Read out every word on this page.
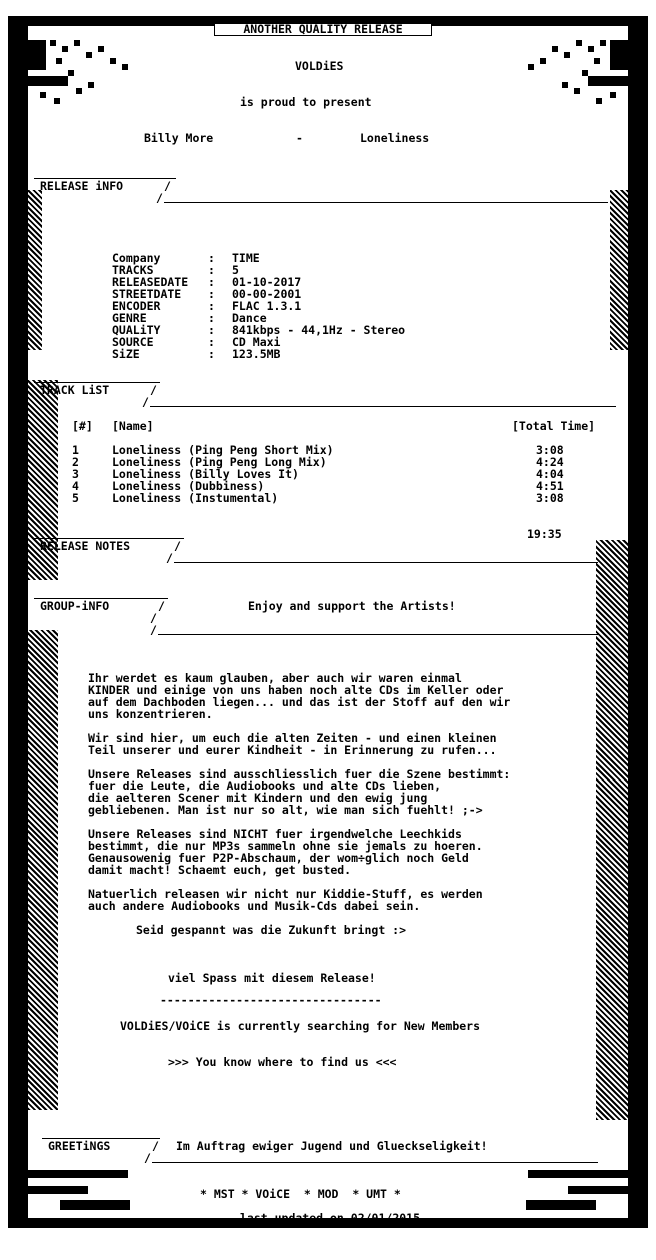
ANOTHER QUALITY RELEASE
VOLDiES
is proud to present
Billy More	-	Loneliness
RELEASE iNFO	/
/
Company	: TIME
TRACKS	: 5
RELEASEDATE : 01-10-2017
STREETDATE : 00-00-2001
ENCODER	: FLAC 1.3.1
GENRE	: Dance
QUALiTY	: 841kbps - 44,1Hz - Stereo
SOURCE	: CD Maxi
SiZE	: 123.5MB
TRACK LiST	/
/
[#] [Name]	[Total Time]
1	Loneliness (Ping Peng Short Mix)	3:08
2	Loneliness (Ping Peng Long Mix)	4:24
3	Loneliness (Billy Loves It)	4:04
4	Loneliness (Dubbiness)	4:51
5	Loneliness (Instumental)	3:08
19:35
RELEASE NOTES	/
/
GROUP-iNFO	/
/
/
Enjoy and support the Artists!
Ihr werdet es kaum glauben, aber auch wir waren einmal
KINDER und einige von uns haben noch alte CDs im Keller oder
auf dem Dachboden liegen... und das ist der Stoff auf den wir
uns konzentrieren.
Wir sind hier, um euch die alten Zeiten - und einen kleinen
Teil unserer und eurer Kindheit - in Erinnerung zu rufen...
Unsere Releases sind ausschliesslich fuer die Szene bestimmt:
fuer die Leute, die Audiobooks und alte CDs lieben,
die aelteren Scener mit Kindern und den ewig jung
gebliebenen. Man ist nur so alt, wie man sich fuehlt! ;->
Unsere Releases sind NICHT fuer irgendwelche Leechkids
bestimmt, die nur MP3s sammeln ohne sie jemals zu hoeren.
Genausowenig fuer P2P-Abschaum, der wom÷glich noch Geld
damit macht! Schaemt euch, get busted.
Natuerlich releasen wir nicht nur Kiddie-Stuff, es werden
auch andere Audiobooks und Musik-Cds dabei sein.
Seid gespannt was die Zukunft bringt :>
viel Spass mit diesem Release!
--------------------------------
VOLDiES/VOiCE is currently searching for New Members
>>> You know where to find us <<<
GREETiNGS	/
/
Im Auftrag ewiger Jugend und Glueckseligkeit!
* MST * VOiCE  * MOD  * UMT *
last updated on 02/01/2015
